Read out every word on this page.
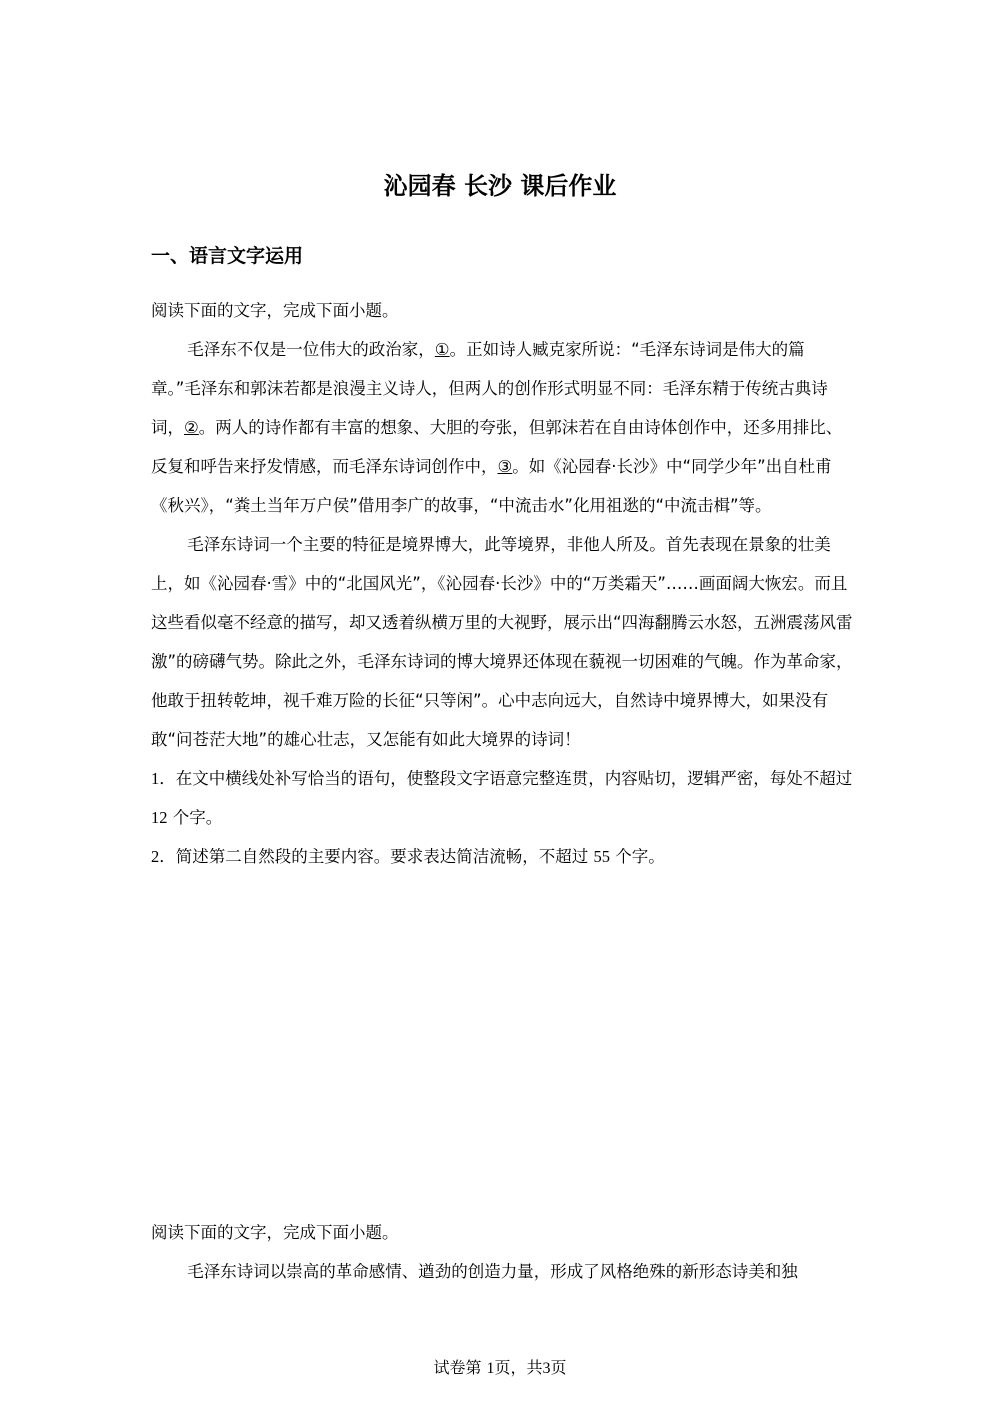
沁园春 长沙 课后作业
一、语言文字运用

阅读下面的文字，完成下面小题。

毛泽东不仅是一位伟大的政治家，①。正如诗人臧克家所说：“毛泽东诗词是伟大的篇章。”毛泽东和郭沫若都是浪漫主义诗人，但两人的创作形式明显不同：毛泽东精于传统古典诗词，②。两人的诗作都有丰富的想象、大胆的夸张，但郭沫若在自由诗体创作中，还多用排比、反复和呼告来抒发情感，而毛泽东诗词创作中，③。如《沁园春·长沙》中“同学少年”出自杜甫《秋兴》，“粪土当年万户侯”借用李广的故事，“中流击水”化用祖逖的“中流击楫”等。

毛泽东诗词一个主要的特征是境界博大，此等境界，非他人所及。首先表现在景象的壮美上，如《沁园春·雪》中的“北国风光”，《沁园春·长沙》中的“万类霜天”……画面阔大恢宏。而且这些看似毫不经意的描写，却又透着纵横万里的大视野，展示出“四海翻腾云水怒，五洲震荡风雷激”的磅礴气势。除此之外，毛泽东诗词的博大境界还体现在藐视一切困难的气魄。作为革命家，他敢于扭转乾坤，视千难万险的长征“只等闲”。心中志向远大，自然诗中境界博大，如果没有敢“问苍茫大地”的雄心壮志，又怎能有如此大境界的诗词！

1．在文中横线处补写恰当的语句，使整段文字语意完整连贯，内容贴切，逻辑严密，每处不超过 12 个字。

2．简述第二自然段的主要内容。要求表达简洁流畅，不超过 55 个字。

阅读下面的文字，完成下面小题。

毛泽东诗词以崇高的革命感情、遒劲的创造力量，形成了风格绝殊的新形态诗美和独

试卷第 1页，共3页
